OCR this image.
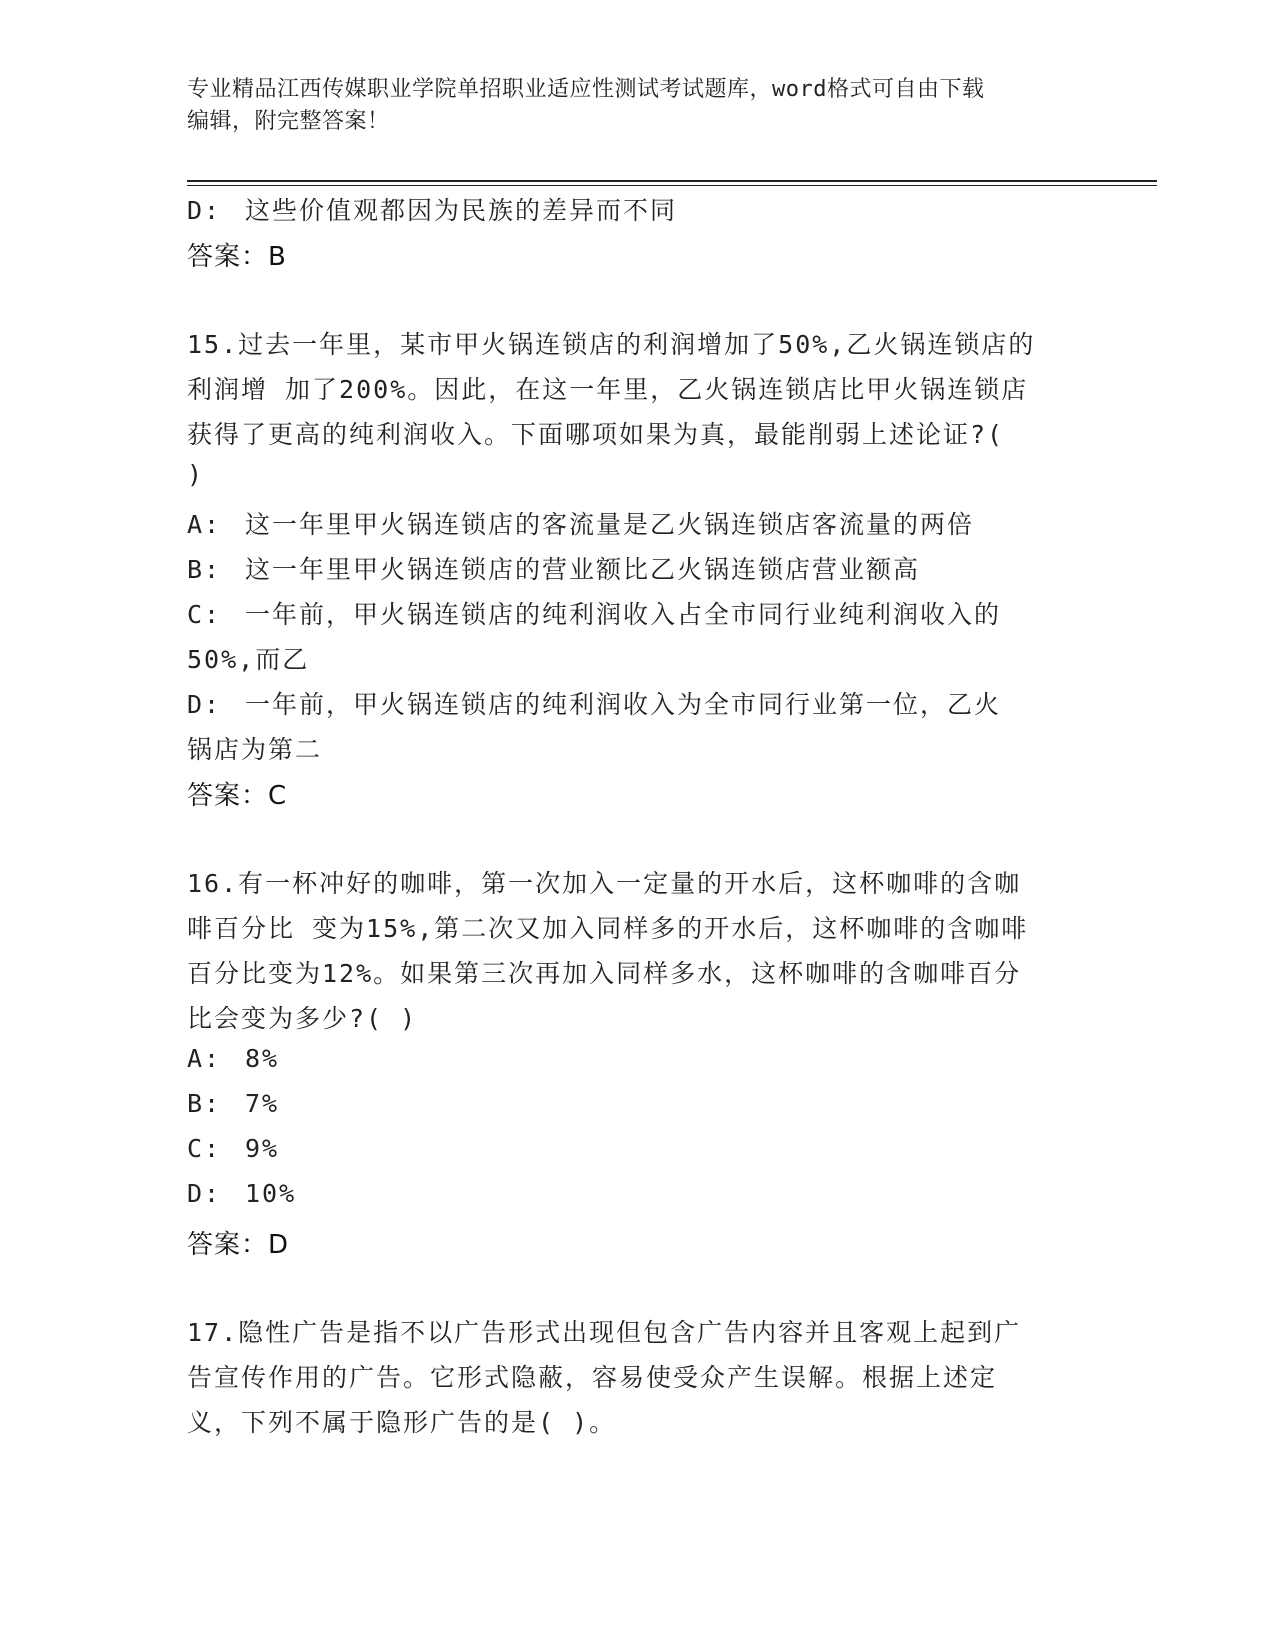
专业精品江西传媒职业学院单招职业适应性测试考试题库，word格式可自由下载
编辑，附完整答案！
D: 这些价值观都因为民族的差异而不同
答案：B
15.过去一年里，某市甲火锅连锁店的利润增加了50%,乙火锅连锁店的
利润增 加了200%。因此，在这一年里，乙火锅连锁店比甲火锅连锁店
获得了更高的纯利润收入。下面哪项如果为真，最能削弱上述论证?(
)
A: 这一年里甲火锅连锁店的客流量是乙火锅连锁店客流量的两倍
B: 这一年里甲火锅连锁店的营业额比乙火锅连锁店营业额高
C: 一年前，甲火锅连锁店的纯利润收入占全市同行业纯利润收入的
50%,而乙
D: 一年前，甲火锅连锁店的纯利润收入为全市同行业第一位，乙火
锅店为第二
答案：C
16.有一杯冲好的咖啡，第一次加入一定量的开水后，这杯咖啡的含咖
啡百分比 变为15%,第二次又加入同样多的开水后，这杯咖啡的含咖啡
百分比变为12%。如果第三次再加入同样多水，这杯咖啡的含咖啡百分
比会变为多少?( )
A: 8%
B: 7%
C: 9%
D: 10%
答案：D
17.隐性广告是指不以广告形式出现但包含广告内容并且客观上起到广
告宣传作用的广告。它形式隐蔽，容易使受众产生误解。根据上述定
义，下列不属于隐形广告的是( )。
